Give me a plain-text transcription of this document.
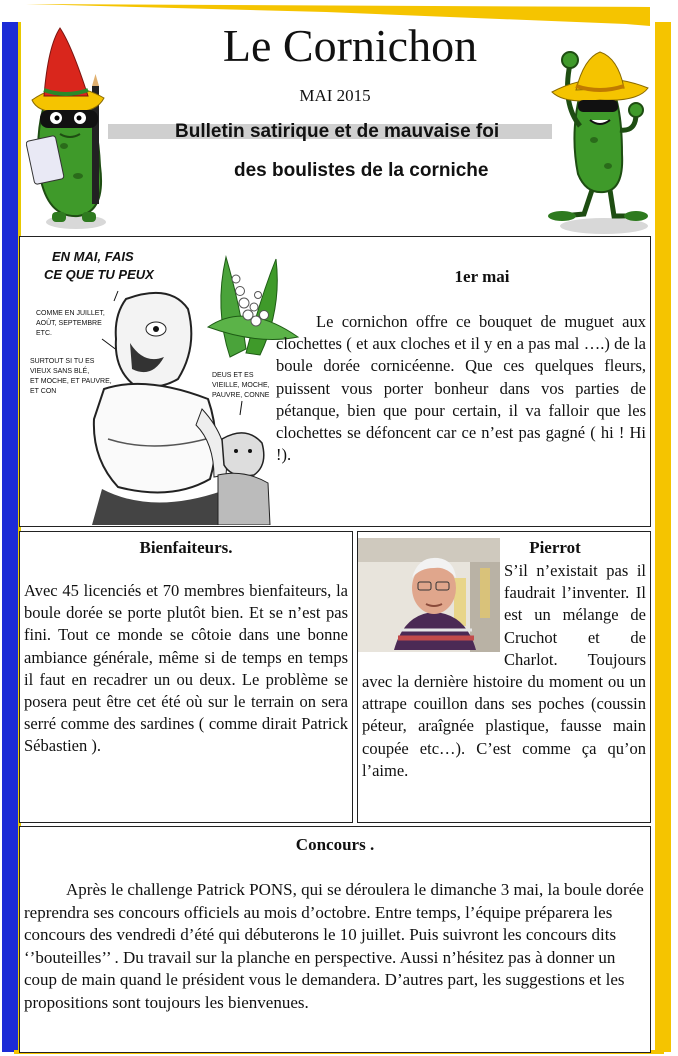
Le Cornichon
MAI 2015
Bulletin satirique et de mauvaise foi
des boulistes de la corniche
EN MAI, FAIS CE QUE TU PEUX
COMME EN JUILLET, AOÛT, SEPTEMBRE ETC. SURTOUT SI TU ES VIEUX SANS BLÉ, ET MOCHE, ET PAUVRE, ET CON DEUS ET ES VIEILLE, MOCHE, PAUVRE, CONNE
1er mai
Le cornichon offre ce bouquet de muguet aux clochettes ( et aux cloches et il y en a pas mal ….) de la boule dorée cornicéenne. Que ces quelques fleurs, puissent vous porter bonheur dans vos parties de pétanque, bien que pour certain, il va falloir que les clochettes se défoncent car ce n’est pas gagné ( hi ! Hi !).
Bienfaiteurs.
Avec 45 licenciés et 70 membres bienfaiteurs, la boule dorée se porte plutôt bien. Et se n’est pas fini. Tout ce monde se côtoie dans une bonne ambiance générale, même si de temps en temps il faut en recadrer un ou deux. Le problème se posera peut être cet été où sur le terrain on sera serré comme des sardines ( comme dirait Patrick Sébastien ).
Pierrot
S’il n’existait pas il faudrait l’inventer. Il est un mélange de Cruchot et de Charlot. Toujours avec la dernière histoire du moment ou un attrape couillon dans ses poches (coussin péteur, araîgnée plastique, fausse main coupée etc…). C’est comme ça qu’on l’aime.
Concours .
Après le challenge Patrick PONS, qui se déroulera le dimanche 3 mai, la boule dorée reprendra ses concours officiels au mois d’octobre. Entre temps, l’équipe préparera les concours des vendredi d’été qui débuterons le 10 juillet. Puis suivront les concours dits ‘’bouteilles’’ . Du travail sur la planche en perspective. Aussi n’hésitez pas à donner un coup de main quand le président vous le demandera. D’autres part, les suggestions et les propositions sont toujours les bienvenues.
